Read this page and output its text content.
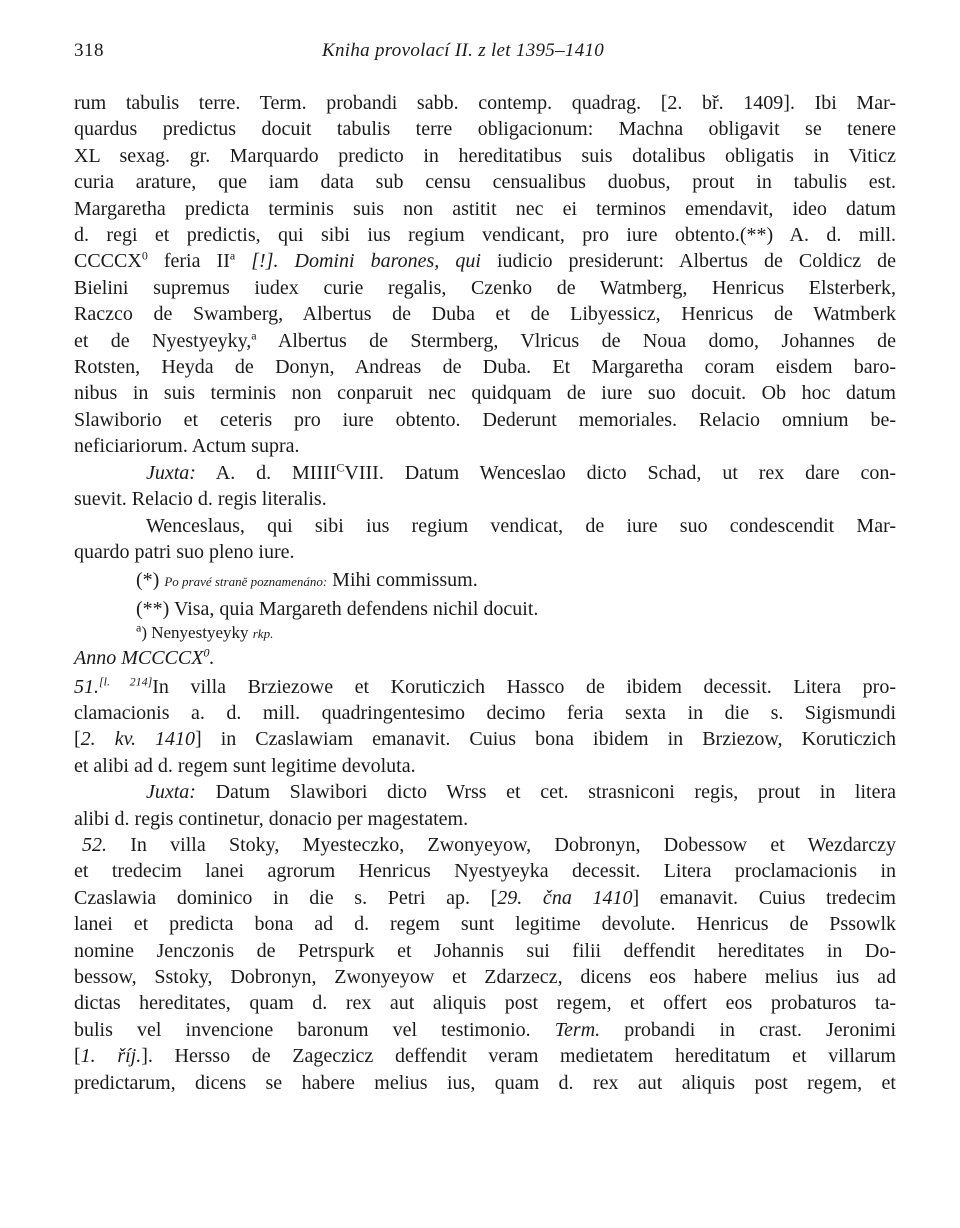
318	Kniha provolací II. z let 1395–1410

rum tabulis terre. Term. probandi sabb. contemp. quadrag. [2. bř. 1409]. Ibi Mar-

quardus predictus docuit tabulis terre obligacionum: Machna obligavit se tenere

XL sexag. gr. Marquardo predicto in hereditatibus suis dotalibus obligatis in Viticz

curia arature, que iam data sub censu censualibus duobus, prout in tabulis est.

Margaretha predicta terminis suis non astitit nec ei terminos emendavit, ideo datum

d. regi et predictis, qui sibi ius regium vendicant, pro iure obtento.(**) A. d. mill.

CCCCX$^0$ feria $II^a$ [!]. Domini barones, qui iudicio presiderunt: Albertus de Coldicz de

Bielini supremus iudex curie regalis, Czenko de Watmberg, Henricus Elsterberk,

Raczco de Swamberg, Albertus de Duba et de Libyessicz, Henricus de Watmberk

et de Nyestyeyky,$^a$ Albertus de Stermberg, Vlricus de Noua domo, Johannes de

Rotsten, Heyda de Donyn, Andreas de Duba. Et Margaretha coram eisdem baro-

nibus in suis terminis non conparuit nec quidquam de iure suo docuit. Ob hoc datum

Slawiborio et ceteris pro iure obtento. Dederunt memoriales. Relacio omnium be-

neficiariorum. Actum supra.

Juxta: A. d. $MIIII^CVIII$. Datum Wenceslao dicto Schad, ut rex dare con-

suevit. Relacio d. regis literalis.

Wenceslaus, qui sibi ius regium vendicat, de iure suo condescendit Mar-

quardo patri suo pleno iure.

(*) Po pravé straně poznamenáno: Mihi commissum.

(**) Visa, quia Margareth defendens nichil docuit.

$^a$) Nenyestyeyky rkp.

Anno MCCCCX$^0$.

51.[l. 214]In villa Brziezowe et Koruticzich Hassco de ibidem decessit. Litera pro-

clamacionis a. d. mill. quadringentesimo decimo feria sexta in die s. Sigismundi

[2. kv. 1410] in Czaslawiam emanavit. Cuius bona ibidem in Brziezow, Koruticzich

et alibi ad d. regem sunt legitime devoluta.

Juxta: Datum Slawibori dicto Wrss et cet. strasniconi regis, prout in litera

alibi d. regis continetur, donacio per magestatem.

52. In villa Stoky, Myesteczko, Zwonyeyow, Dobronyn, Dobessow et Wezdarczy

et tredecim lanei agrorum Henricus Nyestyeyka decessit. Litera proclamacionis in

Czaslawia dominico in die s. Petri ap. [29. čna 1410] emanavit. Cuius tredecim

lanei et predicta bona ad d. regem sunt legitime devolute. Henricus de Pssowlk

nomine Jenczonis de Petrspurk et Johannis sui filii deffendit hereditates in Do-

bessow, Sstoky, Dobronyn, Zwonyeyow et Zdarzecz, dicens eos habere melius ius ad

dictas hereditates, quam d. rex aut aliquis post regem, et offert eos probaturos ta-

bulis vel invencione baronum vel testimonio. Term. probandi in crast. Jeronimi

[1. říj.]. Hersso de Zageczicz deffendit veram medietatem hereditatum et villarum

predictarum, dicens se habere melius ius, quam d. rex aut aliquis post regem, et
